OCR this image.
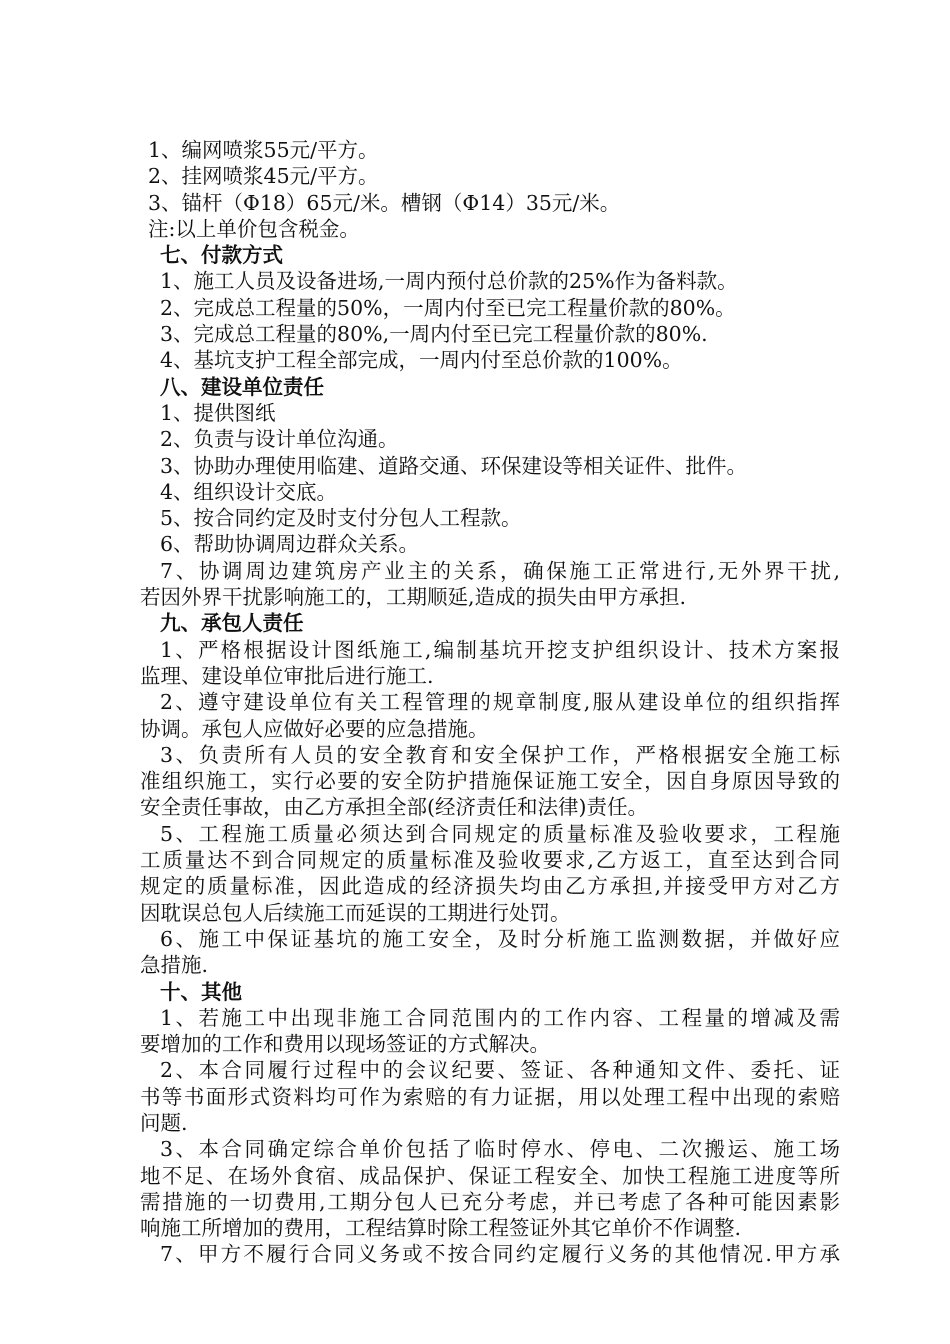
1、编网喷浆55元/平方。
2、挂网喷浆45元/平方。
3、锚杆（Φ18）65元/米。槽钢（Φ14）35元/米。
注:以上单价包含税金。
七、付款方式
1、施工人员及设备进场,一周内预付总价款的25%作为备料款。
2、完成总工程量的50%，一周内付至已完工程量价款的80%。
3、完成总工程量的80%,一周内付至已完工程量价款的80%.
4、基坑支护工程全部完成，一周内付至总价款的100%。
八、建设单位责任
1、提供图纸
2、负责与设计单位沟通。
3、协助办理使用临建、道路交通、环保建设等相关证件、批件。
4、组织设计交底。
5、按合同约定及时支付分包人工程款。
6、帮助协调周边群众关系。
7、协调周边建筑房产业主的关系，确保施工正常进行,无外界干扰,
若因外界干扰影响施工的，工期顺延,造成的损失由甲方承担.
九、承包人责任
1、严格根据设计图纸施工,编制基坑开挖支护组织设计、技术方案报
监理、建设单位审批后进行施工.
2、遵守建设单位有关工程管理的规章制度,服从建设单位的组织指挥
协调。承包人应做好必要的应急措施。
3、负责所有人员的安全教育和安全保护工作，严格根据安全施工标
准组织施工，实行必要的安全防护措施保证施工安全，因自身原因导致的
安全责任事故，由乙方承担全部(经济责任和法律)责任。
5、工程施工质量必须达到合同规定的质量标准及验收要求，工程施
工质量达不到合同规定的质量标准及验收要求,乙方返工，直至达到合同
规定的质量标准，因此造成的经济损失均由乙方承担,并接受甲方对乙方
因耽误总包人后续施工而延误的工期进行处罚。
6、施工中保证基坑的施工安全，及时分析施工监测数据，并做好应
急措施.
十、其他
1、若施工中出现非施工合同范围内的工作内容、工程量的增减及需
要增加的工作和费用以现场签证的方式解决。
2、本合同履行过程中的会议纪要、签证、各种通知文件、委托、证
书等书面形式资料均可作为索赔的有力证据，用以处理工程中出现的索赔
问题.
3、本合同确定综合单价包括了临时停水、停电、二次搬运、施工场
地不足、在场外食宿、成品保护、保证工程安全、加快工程施工进度等所
需措施的一切费用,工期分包人已充分考虑，并已考虑了各种可能因素影
响施工所增加的费用，工程结算时除工程签证外其它单价不作调整.
7、甲方不履行合同义务或不按合同约定履行义务的其他情况.甲方承
